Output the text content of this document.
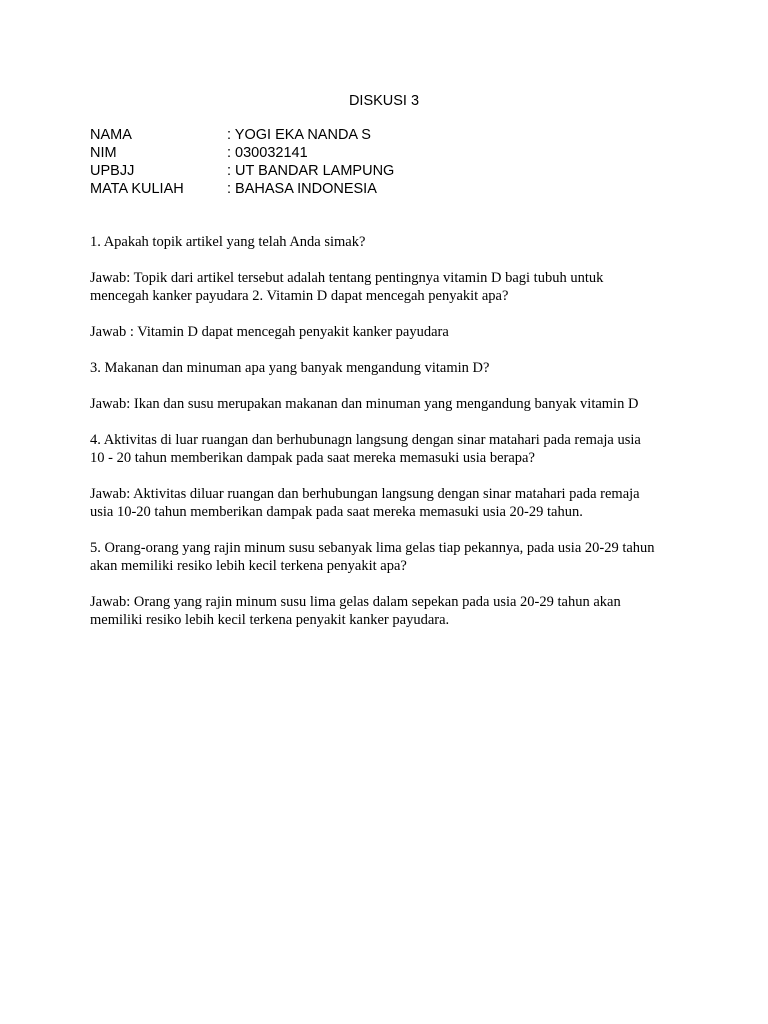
DISKUSI 3
NAMA	: YOGI EKA NANDA S
NIM	: 030032141
UPBJJ	: UT BANDAR LAMPUNG
MATA KULIAH	: BAHASA INDONESIA

1. Apakah topik artikel yang telah Anda simak?

Jawab: Topik dari artikel tersebut adalah tentang pentingnya vitamin D bagi tubuh untuk
mencegah kanker payudara 2. Vitamin D dapat mencegah penyakit apa?

Jawab : Vitamin D dapat mencegah penyakit kanker payudara

3. Makanan dan minuman apa yang banyak mengandung vitamin D?

Jawab: Ikan dan susu merupakan makanan dan minuman yang mengandung banyak vitamin D

4. Aktivitas di luar ruangan dan berhubunagn langsung dengan sinar matahari pada remaja usia
10 - 20 tahun memberikan dampak pada saat mereka memasuki usia berapa?

Jawab: Aktivitas diluar ruangan dan berhubungan langsung dengan sinar matahari pada remaja
usia 10-20 tahun memberikan dampak pada saat mereka memasuki usia 20-29 tahun.

5. Orang-orang yang rajin minum susu sebanyak lima gelas tiap pekannya, pada usia 20-29 tahun
akan memiliki resiko lebih kecil terkena penyakit apa?

Jawab: Orang yang rajin minum susu lima gelas dalam sepekan pada usia 20-29 tahun akan
memiliki resiko lebih kecil terkena penyakit kanker payudara.
